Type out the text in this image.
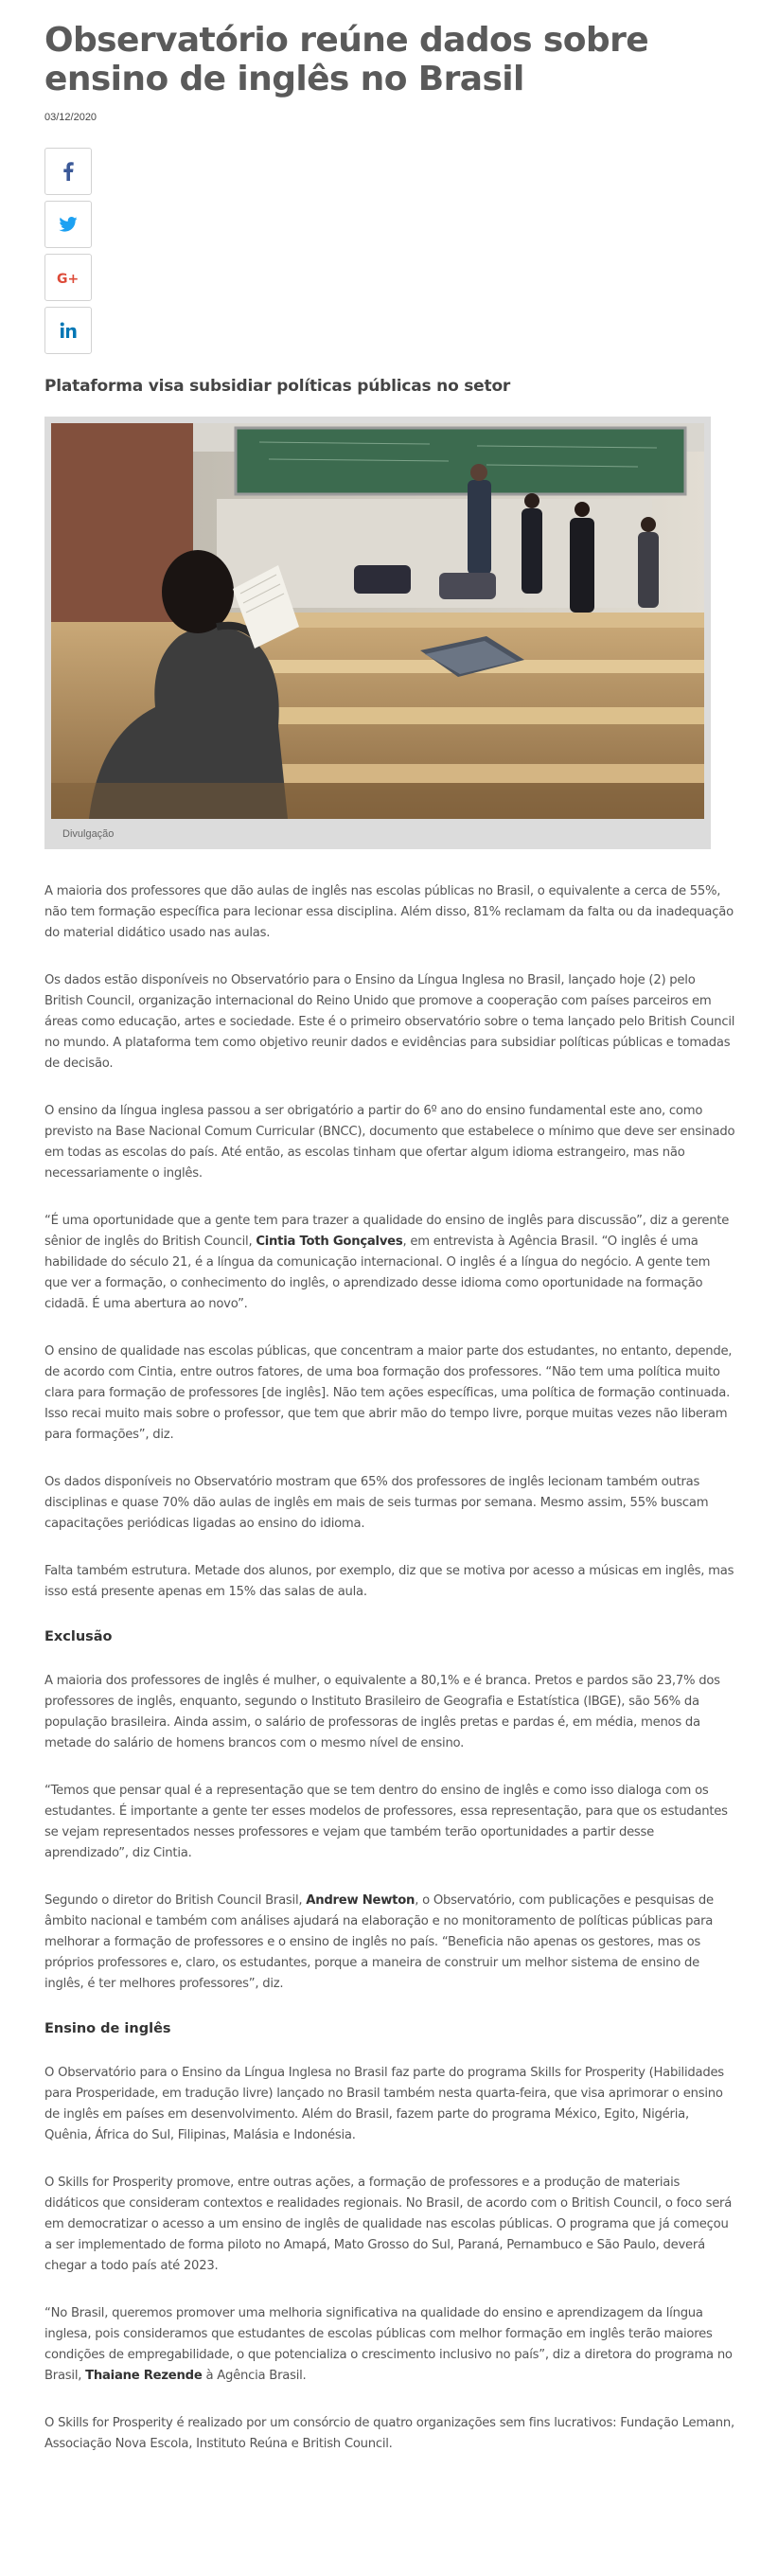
Observatório reúne dados sobre ensino de inglês no Brasil
03/12/2020
G+
Plataforma visa subsidiar políticas públicas no setor
Divulgação

A maioria dos professores que dão aulas de inglês nas escolas públicas no Brasil, o equivalente a cerca de 55%, não tem formação específica para lecionar essa disciplina. Além disso, 81% reclamam da falta ou da inadequação do material didático usado nas aulas.

Os dados estão disponíveis no Observatório para o Ensino da Língua Inglesa no Brasil, lançado hoje (2) pelo British Council, organização internacional do Reino Unido que promove a cooperação com países parceiros em áreas como educação, artes e sociedade. Este é o primeiro observatório sobre o tema lançado pelo British Council no mundo. A plataforma tem como objetivo reunir dados e evidências para subsidiar políticas públicas e tomadas de decisão.

O ensino da língua inglesa passou a ser obrigatório a partir do 6º ano do ensino fundamental este ano, como previsto na Base Nacional Comum Curricular (BNCC), documento que estabelece o mínimo que deve ser ensinado em todas as escolas do país. Até então, as escolas tinham que ofertar algum idioma estrangeiro, mas não necessariamente o inglês.

“É uma oportunidade que a gente tem para trazer a qualidade do ensino de inglês para discussão”, diz a gerente sênior de inglês do British Council, Cintia Toth Gonçalves, em entrevista à Agência Brasil. “O inglês é uma habilidade do século 21, é a língua da comunicação internacional. O inglês é a língua do negócio. A gente tem que ver a formação, o conhecimento do inglês, o aprendizado desse idioma como oportunidade na formação cidadã. É uma abertura ao novo”.

O ensino de qualidade nas escolas públicas, que concentram a maior parte dos estudantes, no entanto, depende, de acordo com Cintia, entre outros fatores, de uma boa formação dos professores. “Não tem uma política muito clara para formação de professores [de inglês]. Não tem ações específicas, uma política de formação continuada. Isso recai muito mais sobre o professor, que tem que abrir mão do tempo livre, porque muitas vezes não liberam para formações”, diz.

Os dados disponíveis no Observatório mostram que 65% dos professores de inglês lecionam também outras disciplinas e quase 70% dão aulas de inglês em mais de seis turmas por semana. Mesmo assim, 55% buscam capacitações periódicas ligadas ao ensino do idioma.

Falta também estrutura. Metade dos alunos, por exemplo, diz que se motiva por acesso a músicas em inglês, mas isso está presente apenas em 15% das salas de aula.

Exclusão

A maioria dos professores de inglês é mulher, o equivalente a 80,1% e é branca. Pretos e pardos são 23,7% dos professores de inglês, enquanto, segundo o Instituto Brasileiro de Geografia e Estatística (IBGE), são 56% da população brasileira. Ainda assim, o salário de professoras de inglês pretas e pardas é, em média, menos da metade do salário de homens brancos com o mesmo nível de ensino.

“Temos que pensar qual é a representação que se tem dentro do ensino de inglês e como isso dialoga com os estudantes. É importante a gente ter esses modelos de professores, essa representação, para que os estudantes se vejam representados nesses professores e vejam que também terão oportunidades a partir desse aprendizado”, diz Cintia.

Segundo o diretor do British Council Brasil, Andrew Newton, o Observatório, com publicações e pesquisas de âmbito nacional e também com análises ajudará na elaboração e no monitoramento de políticas públicas para melhorar a formação de professores e o ensino de inglês no país. “Beneficia não apenas os gestores, mas os próprios professores e, claro, os estudantes, porque a maneira de construir um melhor sistema de ensino de inglês, é ter melhores professores”, diz.

Ensino de inglês

O Observatório para o Ensino da Língua Inglesa no Brasil faz parte do programa Skills for Prosperity (Habilidades para Prosperidade, em tradução livre) lançado no Brasil também nesta quarta-feira, que visa aprimorar o ensino de inglês em países em desenvolvimento. Além do Brasil, fazem parte do programa México, Egito, Nigéria, Quênia, África do Sul, Filipinas, Malásia e Indonésia.

O Skills for Prosperity promove, entre outras ações, a formação de professores e a produção de materiais didáticos que consideram contextos e realidades regionais. No Brasil, de acordo com o British Council, o foco será em democratizar o acesso a um ensino de inglês de qualidade nas escolas públicas. O programa que já começou a ser implementado de forma piloto no Amapá, Mato Grosso do Sul, Paraná, Pernambuco e São Paulo, deverá chegar a todo país até 2023.

“No Brasil, queremos promover uma melhoria significativa na qualidade do ensino e aprendizagem da língua inglesa, pois consideramos que estudantes de escolas públicas com melhor formação em inglês terão maiores condições de empregabilidade, o que potencializa o crescimento inclusivo no país”, diz a diretora do programa no Brasil, Thaiane Rezende à Agência Brasil.

O Skills for Prosperity é realizado por um consórcio de quatro organizações sem fins lucrativos: Fundação Lemann, Associação Nova Escola, Instituto Reúna e British Council.
